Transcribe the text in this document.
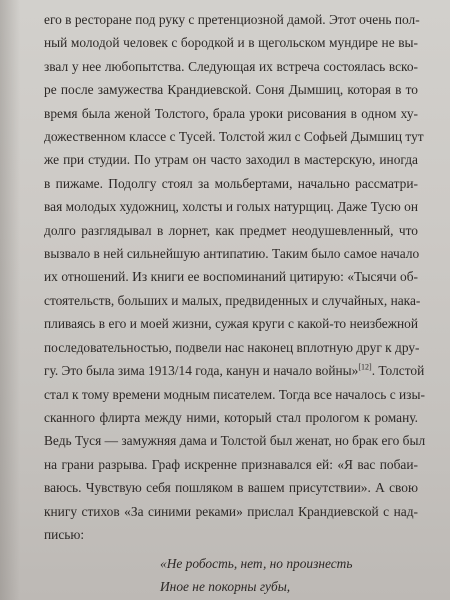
его в ресторане под руку с претенциозной дамой. Этот очень пол-
ный молодой человек с бородкой и в щегольском мундире не вы-
звал у нее любопытства. Следующая их встреча состоялась вско-
ре после замужества Крандиевской. Соня Дымшиц, которая в то
время была женой Толстого, брала уроки рисования в одном ху-
дожественном классе с Тусей. Толстой жил с Софьей Дымшиц тут
же при студии. По утрам он часто заходил в мастерскую, иногда
в пижаме. Подолгу стоял за мольбертами, начально рассматри-
вая молодых художниц, холсты и голых натурщиц. Даже Тусю он
долго разглядывал в лорнет, как предмет неодушевленный, что
вызвало в ней сильнейшую антипатию. Таким было самое начало
их отношений. Из книги ее воспоминаний цитирую: «Тысячи об-
стоятельств, больших и малых, предвиденных и случайных, нака-
пливаясь в его и моей жизни, сужая круги с какой-то неизбежной
последовательностью, подвели нас наконец вплотную друг к дру-
гу. Это была зима 1913/14 года, канун и начало войны»[12]. Толстой
стал к тому времени модным писателем. Тогда все началось с изы-
сканного флирта между ними, который стал прологом к роману.
Ведь Туся — замужняя дама и Толстой был женат, но брак его был
на грани разрыва. Граф искренне признавался ей: «Я вас побаи-
ваюсь. Чувствую себя пошляком в вашем присутствии». А свою
книгу стихов «За синими реками» прислал Крандиевской с над-
писью:
«Не робость, нет, но произнесть
Иное не покорны губы,
